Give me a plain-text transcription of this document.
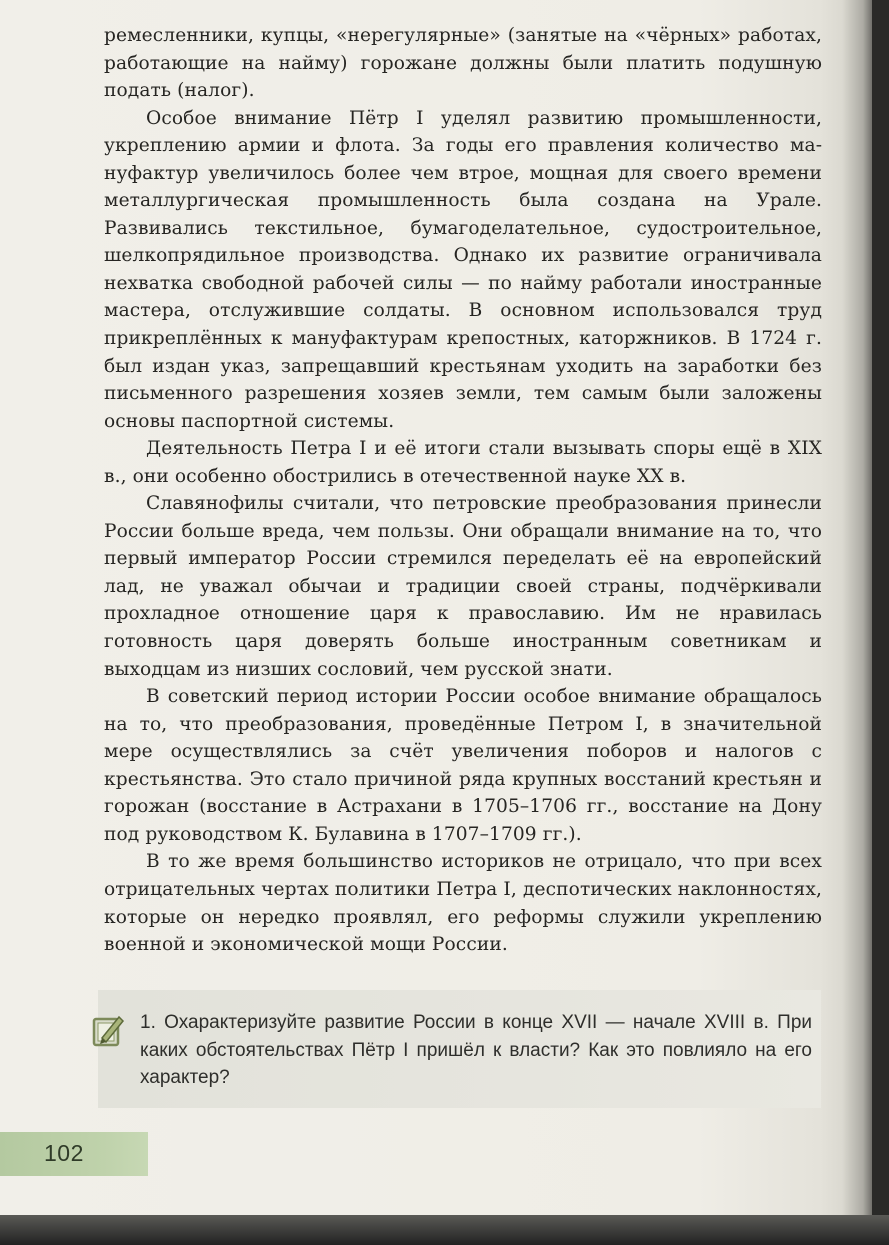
ремесленники, купцы, «нерегулярные» (занятые на «чёрных» работах, работающие на найму) горожане должны были платить подушную подать (налог).

Особое внимание Пётр I уделял развитию промышленности, укреплению армии и флота. За годы его правления количество мануфактур увеличилось более чем втрое, мощная для своего времени металлургическая промышленность была создана на Урале. Развивались текстильное, бумагоделательное, судостроительное, шелкопрядильное производства. Однако их развитие ограничивала нехватка свободной рабочей силы — по найму работали иностранные мастера, отслужившие солдаты. В основном использовался труд прикреплённых к мануфактурам крепостных, каторжников. В 1724 г. был издан указ, запрещавший крестьянам уходить на заработки без письменного разрешения хозяев земли, тем самым были заложены основы паспортной системы.

Деятельность Петра I и её итоги стали вызывать споры ещё в XIX в., они особенно обострились в отечественной науке XX в.

Славянофилы считали, что петровские преобразования принесли России больше вреда, чем пользы. Они обращали внимание на то, что первый император России стремился переделать её на европейский лад, не уважал обычаи и традиции своей страны, подчёркивали прохладное отношение царя к православию. Им не нравилась готовность царя доверять больше иностранным советникам и выходцам из низших сословий, чем русской знати.

В советский период истории России особое внимание обращалось на то, что преобразования, проведённые Петром I, в значительной мере осуществлялись за счёт увеличения поборов и налогов с крестьянства. Это стало причиной ряда крупных восстаний крестьян и горожан (восстание в Астрахани в 1705–1706 гг., восстание на Дону под руководством К. Булавина в 1707–1709 гг.).

В то же время большинство историков не отрицало, что при всех отрицательных чертах политики Петра I, деспотических наклонностях, которые он нередко проявлял, его реформы служили укреплению военной и экономической мощи России.

1. Охарактеризуйте развитие России в конце XVII — начале XVIII в. При каких обстоятельствах Пётр I пришёл к власти? Как это повлияло на его характер?
102
